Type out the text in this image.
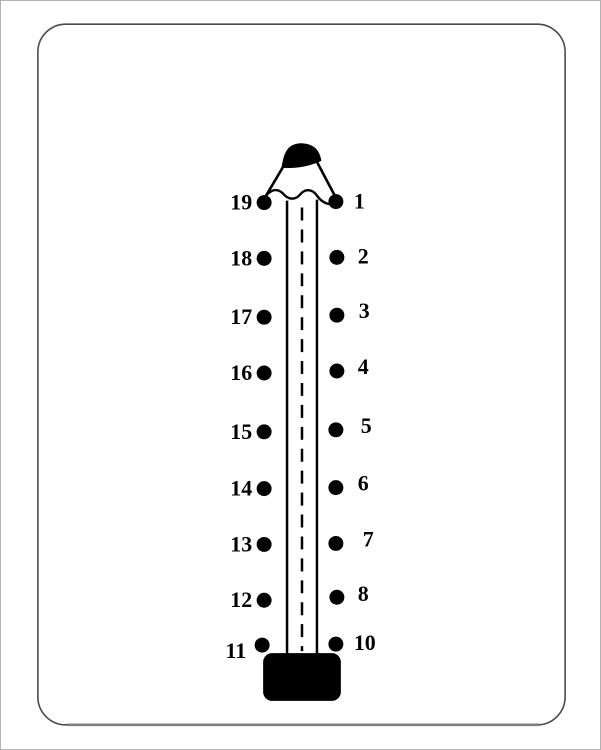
1
2
3
4
5
6
7
8
10
11
12
13
14
15
16
17
18
19
